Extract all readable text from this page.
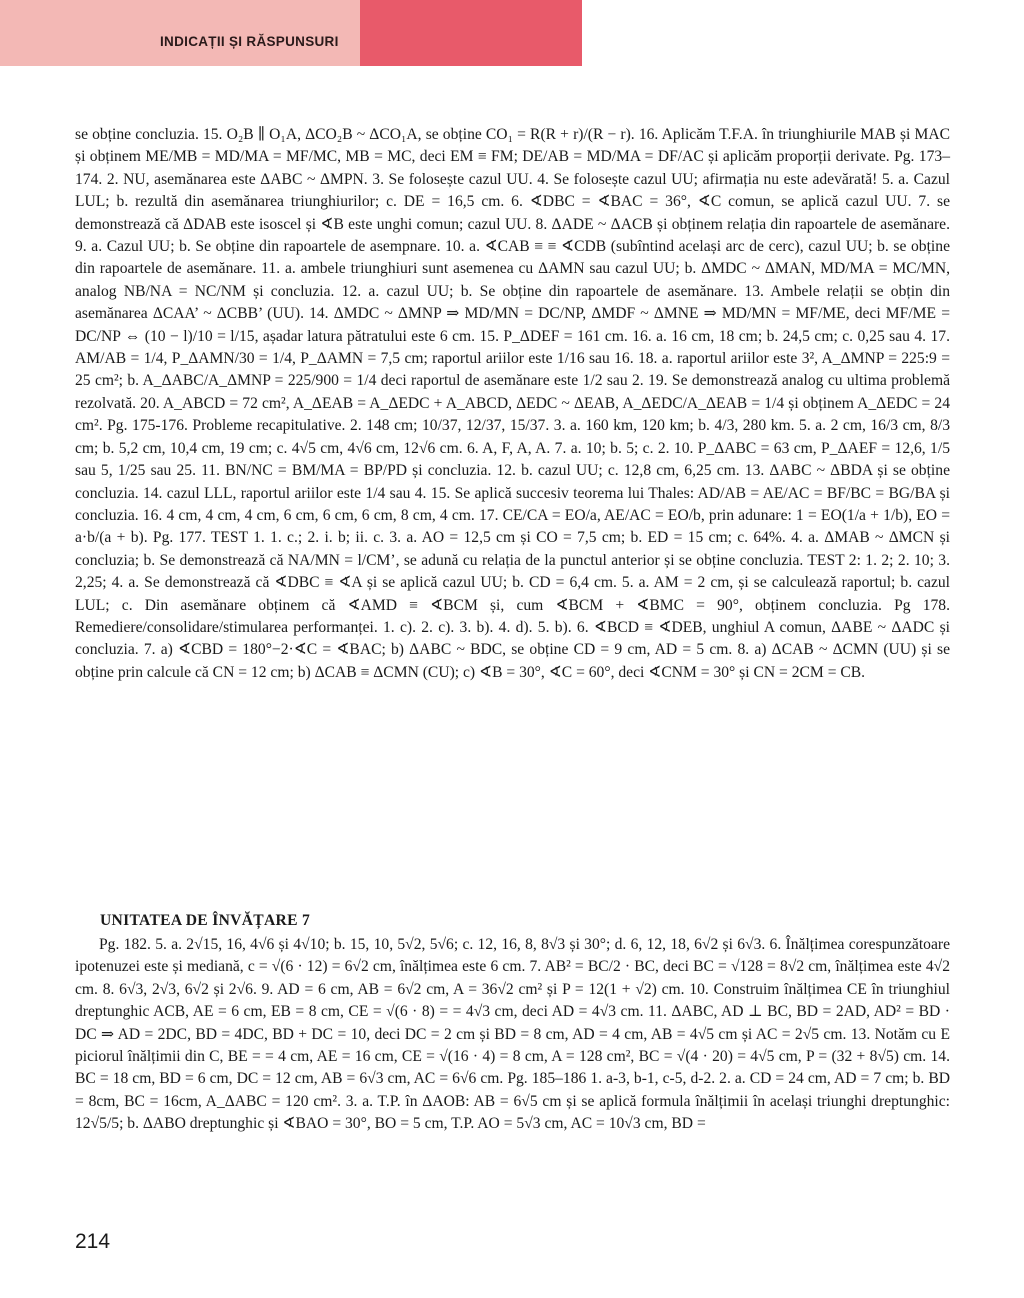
INDICAȚII ȘI RĂSPUNSURI

se obține concluzia. 15. O₂B ∥ O₁A, ΔCO₂B ~ ΔCO₁A, se obține CO₁ = R(R + r)/(R − r). 16. Aplicăm T.F.A. în triunghiurile MAB și MAC și obținem ME/MB = MD/MA = MF/MC, MB = MC, deci EM ≡ FM; DE/AB = MD/MA = DF/AC și aplicăm proporții derivate. Pg. 173–174. 2. NU, asemănarea este ΔABC ~ ΔMPN. 3. Se folosește cazul UU. 4. Se folosește cazul UU; afirmația nu este adevărată! 5. a. Cazul LUL; b. rezultă din asemănarea triunghiurilor; c. DE = 16,5 cm. 6. ∢DBC = ∢BAC = 36°, ∢C comun, se aplică cazul UU. 7. se demonstrează că ΔDAB este isoscel și ∢B este unghi comun; cazul UU. 8. ΔADE ~ ΔACB și obținem relația din rapoartele de asemănare. 9. a. Cazul UU; b. Se obține din rapoartele de asempnare. 10. a. ∢CAB ≡ ≡ ∢CDB (subîntind același arc de cerc), cazul UU; b. se obține din rapoartele de asemănare. 11. a. ambele triunghiuri sunt asemenea cu ΔAMN sau cazul UU; b. ΔMDC ~ ΔMAN, MD/MA = MC/MN, analog NB/NA = NC/NM și concluzia. 12. a. cazul UU; b. Se obține din rapoartele de asemănare. 13. Ambele relații se obțin din asemănarea ΔCAA’ ~ ΔCBB’ (UU). 14. ΔMDC ~ ΔMNP ⇒ MD/MN = DC/NP, ΔMDF ~ ΔMNE ⇒ MD/MN = MF/ME, deci MF/ME = DC/NP ⇔ (10 − l)/10 = l/15, așadar latura pătratului este 6 cm. 15. P_ΔDEF = 161 cm. 16. a. 16 cm, 18 cm; b. 24,5 cm; c. 0,25 sau 4. 17. AM/AB = 1/4, P_ΔAMN/30 = 1/4, P_ΔAMN = 7,5 cm; raportul ariilor este 1/16 sau 16. 18. a. raportul ariilor este 3², A_ΔMNP = 225:9 = 25 cm²; b. A_ΔABC/A_ΔMNP = 225/900 = 1/4 deci raportul de asemănare este 1/2 sau 2. 19. Se demonstrează analog cu ultima problemă rezolvată. 20. A_ABCD = 72 cm², A_ΔEAB = A_ΔEDC + A_ABCD, ΔEDC ~ ΔEAB, A_ΔEDC/A_ΔEAB = 1/4 și obținem A_ΔEDC = 24 cm². Pg. 175-176. Probleme recapitulative. 2. 148 cm; 10/37, 12/37, 15/37. 3. a. 160 km, 120 km; b. 4/3, 280 km. 5. a. 2 cm, 16/3 cm, 8/3 cm; b. 5,2 cm, 10,4 cm, 19 cm; c. 4√5 cm, 4√6 cm, 12√6 cm. 6. A, F, A, A. 7. a. 10; b. 5; c. 2. 10. P_ΔABC = 63 cm, P_ΔAEF = 12,6, 1/5 sau 5, 1/25 sau 25. 11. BN/NC = BM/MA = BP/PD și concluzia. 12. b. cazul UU; c. 12,8 cm, 6,25 cm. 13. ΔABC ~ ΔBDA și se obține concluzia. 14. cazul LLL, raportul ariilor este 1/4 sau 4. 15. Se aplică succesiv teorema lui Thales: AD/AB = AE/AC = BF/BC = BG/BA și concluzia. 16. 4 cm, 4 cm, 4 cm, 6 cm, 6 cm, 6 cm, 8 cm, 4 cm. 17. CE/CA = EO/a, AE/AC = EO/b, prin adunare: 1 = EO(1/a + 1/b), EO = a·b/(a + b). Pg. 177. TEST 1. 1. c.; 2. i. b; ii. c. 3. a. AO = 12,5 cm și CO = 7,5 cm; b. ED = 15 cm; c. 64%. 4. a. ΔMAB ~ ΔMCN și concluzia; b. Se demonstrează că NA/MN = l/CM’, se adună cu relația de la punctul anterior și se obține concluzia. TEST 2: 1. 2; 2. 10; 3. 2,25; 4. a. Se demonstrează că ∢DBC ≡ ∢A și se aplică cazul UU; b. CD = 6,4 cm. 5. a. AM = 2 cm, și se calculează raportul; b. cazul LUL; c. Din asemănare obținem că ∢AMD ≡ ∢BCM și, cum ∢BCM + ∢BMC = 90°, obținem concluzia. Pg 178. Remediere/consolidare/stimularea performanței. 1. c). 2. c). 3. b). 4. d). 5. b). 6. ∢BCD ≡ ∢DEB, unghiul A comun, ΔABE ~ ΔADC și concluzia. 7. a) ∢CBD = 180°−2·∢C = ∢BAC; b) ΔABC ~ BDC, se obține CD = 9 cm, AD = 5 cm. 8. a) ΔCAB ~ ΔCMN (UU) și se obține prin calcule că CN = 12 cm; b) ΔCAB ≡ ΔCMN (CU); c) ∢B = 30°, ∢C = 60°, deci ∢CNM = 30° și CN = 2CM = CB.

UNITATEA DE ÎNVĂȚARE 7

Pg. 182. 5. a. 2√15, 16, 4√6 și 4√10; b. 15, 10, 5√2, 5√6; c. 12, 16, 8, 8√3 și 30°; d. 6, 12, 18, 6√2 și 6√3. 6. Înălțimea corespunzătoare ipotenuzei este și mediană, c = √(6 · 12) = 6√2 cm, înălțimea este 6 cm. 7. AB² = BC/2 · BC, deci BC = √128 = 8√2 cm, înălțimea este 4√2 cm. 8. 6√3, 2√3, 6√2 și 2√6. 9. AD = 6 cm, AB = 6√2 cm, A = 36√2 cm² și P = 12(1 + √2) cm. 10. Construim înălțimea CE în triunghiul dreptunghic ACB, AE = 6 cm, EB = 8 cm, CE = √(6 · 8) = = 4√3 cm, deci AD = 4√3 cm. 11. ΔABC, AD ⊥ BC, BD = 2AD, AD² = BD · DC ⇒ AD = 2DC, BD = 4DC, BD + DC = 10, deci DC = 2 cm și BD = 8 cm, AD = 4 cm, AB = 4√5 cm și AC = 2√5 cm. 13. Notăm cu E piciorul înălțimii din C, BE = = 4 cm, AE = 16 cm, CE = √(16 · 4) = 8 cm, A = 128 cm², BC = √(4 · 20) = 4√5 cm, P = (32 + 8√5) cm. 14. BC = 18 cm, BD = 6 cm, DC = 12 cm, AB = 6√3 cm, AC = 6√6 cm. Pg. 185–186 1. a-3, b-1, c-5, d-2. 2. a. CD = 24 cm, AD = 7 cm; b. BD = 8cm, BC = 16cm, A_ΔABC = 120 cm². 3. a. T.P. în ΔAOB: AB = 6√5 cm și se aplică formula înălțimii în același triunghi dreptunghic: 12√5/5; b. ΔABO dreptunghic și ∢BAO = 30°, BO = 5 cm, T.P. AO = 5√3 cm, AC = 10√3 cm, BD =

214
